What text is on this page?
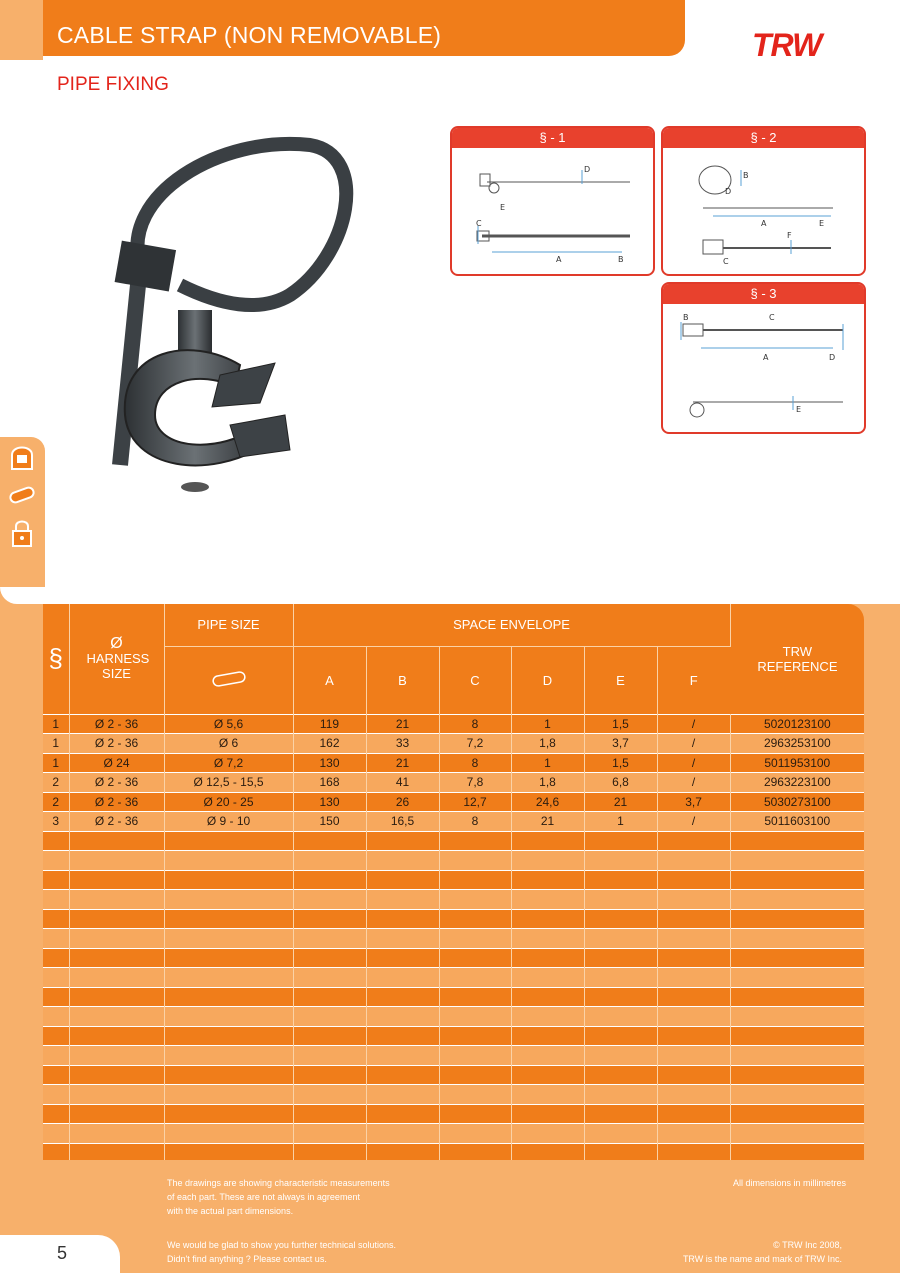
CABLE STRAP (NON REMOVABLE)	TRW
PIPE FIXING
§ - 1
D
E
C
A	B
§ - 2
B
D
A	E
F
C
§ - 3
B	C
A	D
E
§	Ø
HARNESS SIZE	PIPE SIZE	SPACE ENVELOPE						TRW REFERENCE

	A	B	C	D	E	F	
1	Ø 2 - 36	Ø 5,6	119	21	8	1	1,5	/	5020123100
1	Ø 2 - 36	Ø 6	162	33	7,2	1,8	3,7	/	2963253100
1	Ø 24	Ø 7,2	130	21	8	1	1,5	/	5011953100
2	Ø 2 - 36	Ø 12,5 - 15,5	168	41	7,8	1,8	6,8	/	2963223100
2	Ø 2 - 36	Ø 20 - 25	130	26	12,7	24,6	21	3,7	5030273100
3	Ø 2 - 36	Ø 9 - 10	150	16,5	8	21	1	/	5011603100

The drawings are showing characteristic measurements
of each part. These are not always in agreement
with the actual part dimensions.
All dimensions in millimetres
We would be glad to show you further technical solutions.
Didn't find anything ? Please contact us.
© TRW Inc 2008,
TRW is the name and mark of TRW Inc.
5
